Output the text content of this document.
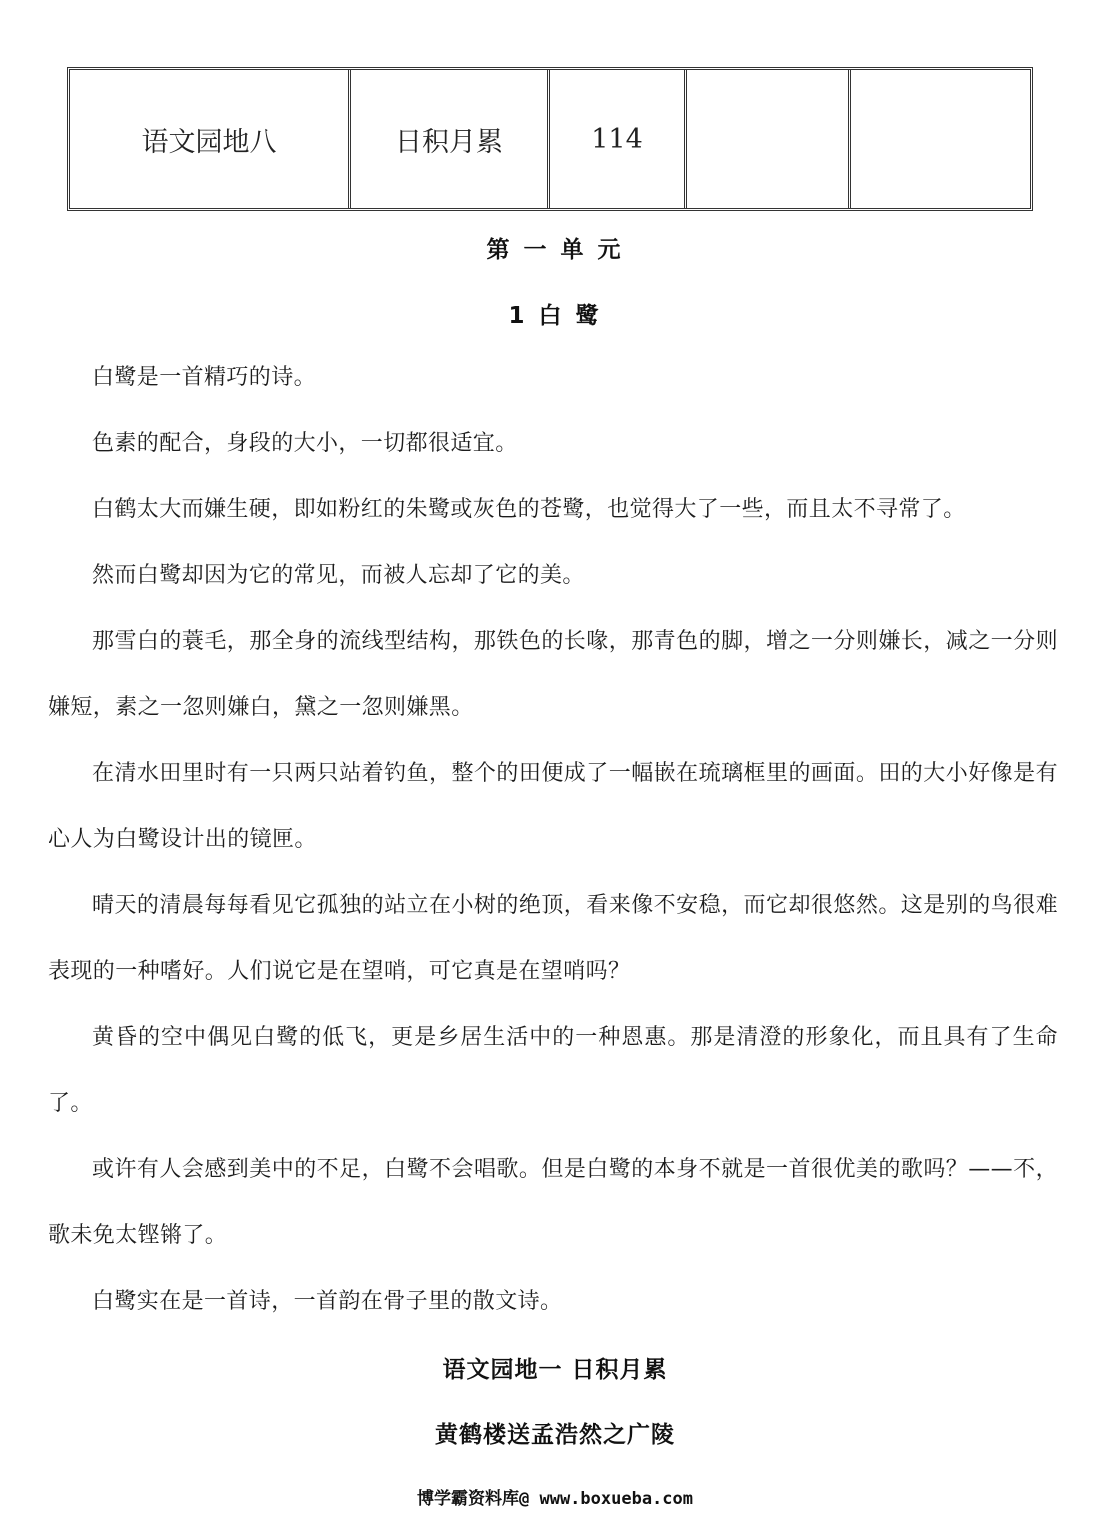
语文园地八	日积月累	114		
第 一 单 元
1 白 鹭

白鹭是一首精巧的诗。

色素的配合，身段的大小，一切都很适宜。

白鹤太大而嫌生硬，即如粉红的朱鹭或灰色的苍鹭，也觉得大了一些，而且太不寻常了。

然而白鹭却因为它的常见，而被人忘却了它的美。

那雪白的蓑毛，那全身的流线型结构，那铁色的长喙，那青色的脚，增之一分则嫌长，减之一分则嫌短，素之一忽则嫌白，黛之一忽则嫌黑。

在清水田里时有一只两只站着钓鱼，整个的田便成了一幅嵌在琉璃框里的画面。田的大小好像是有心人为白鹭设计出的镜匣。

晴天的清晨每每看见它孤独的站立在小树的绝顶，看来像不安稳，而它却很悠然。这是别的鸟很难表现的一种嗜好。人们说它是在望哨，可它真是在望哨吗？

黄昏的空中偶见白鹭的低飞，更是乡居生活中的一种恩惠。那是清澄的形象化，而且具有了生命了。

或许有人会感到美中的不足，白鹭不会唱歌。但是白鹭的本身不就是一首很优美的歌吗？——不，歌未免太铿锵了。

白鹭实在是一首诗，一首韵在骨子里的散文诗。

语文园地一 日积月累
黄鹤楼送孟浩然之广陵
博学霸资料库@ www.boxueba.com
